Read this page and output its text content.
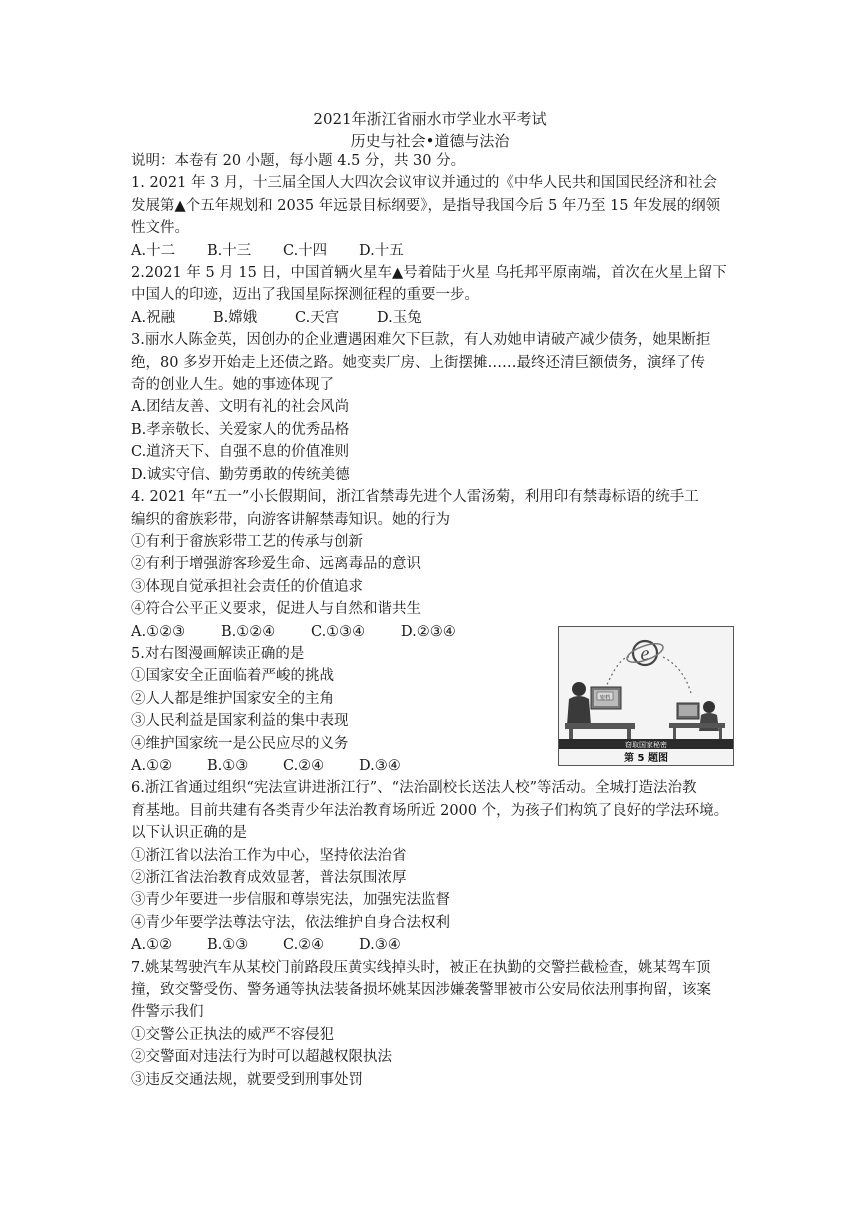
2021年浙江省丽水市学业水平考试
历史与社会•道德与法治

说明：本卷有 20 小题，每小题 4.5 分，共 30 分。

1. 2021 年 3 月，十三届全国人大四次会议审议并通过的《中华人民共和国国民经济和社会

发展第▲个五年规划和 2035 年远景目标纲要》，是指导我国今后 5 年乃至 15 年发展的纲领

性文件。

A.十二 B.十三 C.十四 D.十五

2.2021 年 5 月 15 日，中国首辆火星车▲号着陆于火星 乌托邦平原南端，首次在火星上留下

中国人的印迹，迈出了我国星际探测征程的重要一步。

A.祝融	B.嫦娥	C.天宫	D.玉兔

3.丽水人陈金英，因创办的企业遭遇困难欠下巨款，有人劝她申请破产减少债务，她果断拒

绝，80 多岁开始走上还债之路。她变卖厂房、上街摆摊……最终还清巨额债务，演绎了传

奇的创业人生。她的事迹体现了

A.团结友善、文明有礼的社会风尚

B.孝亲敬长、关爱家人的优秀品格

C.道济天下、自强不息的价值准则

D.诚实守信、勤劳勇敢的传统美德

4. 2021 年“五一”小长假期间，浙江省禁毒先进个人雷汤菊，利用印有禁毒标语的统手工

编织的畲族彩带，向游客讲解禁毒知识。她的行为

①有利于畲族彩带工艺的传承与创新

②有利于增强游客珍爱生命、远离毒品的意识

③体现自觉承担社会责任的价值追求

④符合公平正义要求，促进人与自然和谐共生

A.①②③ B.①②④ C.①③④ D.②③④

5.对右图漫画解读正确的是

①国家安全正面临着严峻的挑战

②人人都是维护国家安全的主角

③人民利益是国家利益的集中表现

④维护国家统一是公民应尽的义务

A.①② B.①③ C.②④ D.③④

6.浙江省通过组织“宪法宣讲进浙江行”、“法治副校长送法人校”等活动。全城打造法治教

育基地。目前共建有各类青少年法治教育场所近 2000 个，为孩子们构筑了良好的学法环境。

以下认识正确的是

①浙江省以法治工作为中心，坚持依法治省

②浙江省法治教育成效显著，普法氛围浓厚

③青少年要进一步信服和尊崇宪法，加强宪法监督

④青少年要学法尊法守法，依法维护自身合法权利

A.①② B.①③ C.②④ D.③④

7.姚某驾驶汽车从某校门前路段压黄实线掉头时，被正在执勤的交警拦截检查，姚某驾车顶

撞，致交警受伤、警务通等执法装备损坏姚某因涉嫌袭警罪被市公安局依法刑事拘留，该案

件警示我们

①交警公正执法的威严不容侵犯

②交警面对违法行为时可以超越权限执法

③违反交通法规，就要受到刑事处罚

e
密档
窃取国家秘密
第 5 题图
